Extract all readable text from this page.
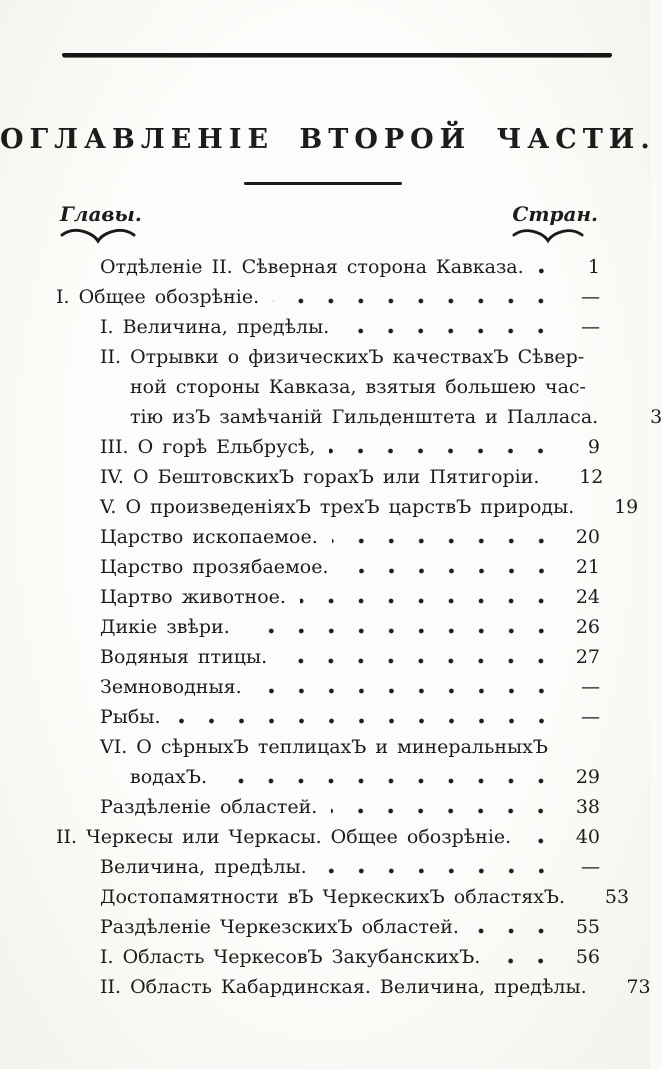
ОГЛАВЛЕНІЕ ВТОРОЙ ЧАСТИ.
Главы.	Стран.
Отдѣленіе II. Сѣверная сторона Кавказа.	1
I. Общее обозрѣніе.	—
I. Величина, предѣлы.	—
II. Отрывки о физическихЪ качествахЪ Сѣвер-
ной стороны Кавказа, взятыя большею час-
тію изЪ замѣчаній Гильденштета и Палласа.	3
III. О горѣ Ельбрусѣ,	9
IV. О БештовскихЪ горахЪ или Пятигоріи.	12
V. О произведеніяхЪ трехЪ царствЪ природы.	19
Царство ископаемое.	20
Царство прозябаемое.	21
Цартво животное.	24
Дикіе звѣри.	26
Водяныя птицы.	27
Земноводныя.	—
Рыбы.	—
VI. О сѣрныхЪ теплицахЪ и минеральныхЪ
водахЪ.	29
Раздѣленіе областей.	38
II. Черкесы или Черкасы. Общее обозрѣніе.	40
Величина, предѣлы.	—
Достопамятности вЪ ЧеркескихЪ областяхЪ.	53
Раздѣленіе ЧеркезскихЪ областей.	55
I. Область ЧеркесовЪ ЗакубанскихЪ.	56
II. Область Кабардинская. Величина, предѣлы.	73
